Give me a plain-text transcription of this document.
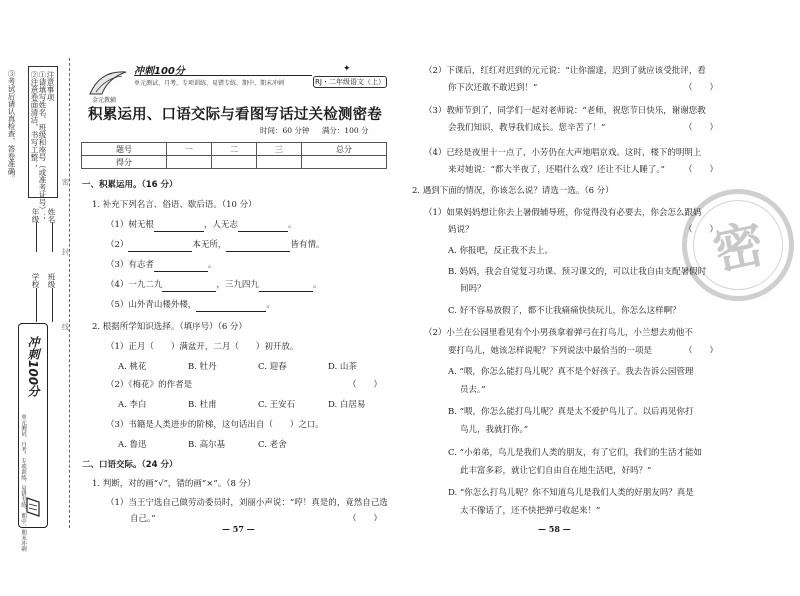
注意事项
①请填写姓名、班级和座号（或准考证号）；
②注意卷面清洁，书写工整；
③考试后请认真检查，答卷准确。
年级 姓名
学校 班级
密
封
线
冲刺100分
单元测试、月考、专项训练、易错专练、期中、期末冲刺
金元教辅
冲刺100分
单元测试、月考、专项训练、易错专练、期中、期末冲刺
✦
RJ・二年级语文（上）
积累运用、口语交际与看图写话过关检测密卷
时间：60 分钟 满分：100 分
题号	一	二	三	总分
得分				
一、积累运用。（16 分）
1. 补充下列名言、俗语、歇后语。（10 分）
（1）树无根	，人无志	。
（2）	本无所，	皆有情。
（3）有志者	。
（4）一九二九	，三九四九	。
（5）山外青山楼外楼，	。
2. 根据所学知识选择。（填序号）（6 分）
（1）正月（　　）满盆开，二月（　　）初开放。
A. 桃花	B. 牡丹	C. 迎春	D. 山茶
（2）《梅花》的作者是	（　　）
A. 李白	B. 杜甫	C. 王安石	D. 白居易
（3）书籍是人类进步的阶梯，这句话出自（　　）之口。
A. 鲁迅	B. 高尔基	C. 老舍
二、口语交际。（24 分）
1. 判断，对的画“√”，错的画“×”。（8 分）
（1）当王宁选自己做劳动委员时，刘丽小声说：“哼！真是的，竟然自己选
自己。”	（　　）
— 57 —
密
（2）下课后，红红对迟到的元元说：“让你溜達，迟到了就应该受批评，看
你下次还敢不敢迟到！”	（　　）
（3）教师节到了，同学们一起对老师说：“老师，祝您节日快乐，谢谢您教
会我们知识，教导我们成长。您辛苦了！”	（　　）
（4）已经是夜里十一点了，小芳仍在大声地唱京戏。这时，楼下的明明上
来对她说：“都大半夜了，还唱什么戏？还让不让人睡了。” （　　）
2. 遇到下面的情况，你该怎么说？请选一选。（6 分）
（1）如果妈妈想让你去上暑假辅导班，你觉得没有必要去，你会怎么跟妈
妈说？	（　　）
A. 你报吧，反正我不去上。
B. 妈妈，我会自觉复习功课、预习课文的，可以让我自由支配暑假时
间吗？
C. 好不容易放假了，都不让我痛痛快快玩儿，你怎么这样啊？
（2）小兰在公园里看见有个小男孩拿着弹弓在打鸟儿，小兰想去劝他不
要打鸟儿，她该怎样说呢？下列说法中最恰当的一项是	（　　）
A. “喂，你怎么能打鸟儿呢？真不是个好孩子。我去告诉公园管理
员去。”
B. “喂，你怎么能打鸟儿呢？真是太不爱护鸟儿了。以后再见你打
鸟儿，我就打你。”
C. “小弟弟，鸟儿是我们人类的朋友，有了它们，我们的生活才能如
此丰富多彩，就让它们自由自在地生活吧，好吗？”
D. “你怎么打鸟儿呢？你不知道鸟儿是我们人类的好朋友吗？真是
太不像话了，还不快把弹弓收起来！”
— 58 —
